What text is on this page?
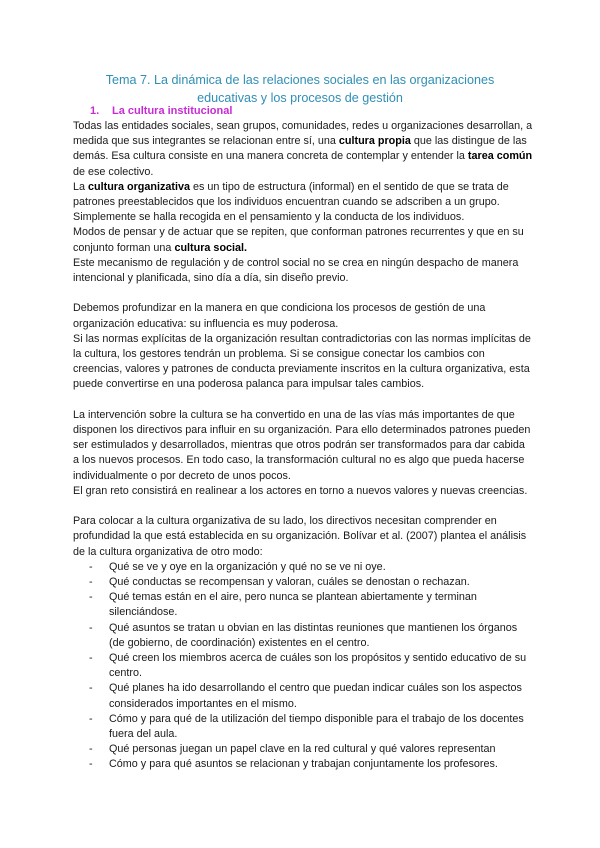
Tema 7. La dinámica de las relaciones sociales en las organizaciones
educativas y los procesos de gestión
1. La cultura institucional

Todas las entidades sociales, sean grupos, comunidades, redes u organizaciones desarrollan, a medida que sus integrantes se relacionan entre sí, una cultura propia que las distingue de las demás. Esa cultura consiste en una manera concreta de contemplar y entender la tarea común de ese colectivo.

La cultura organizativa es un tipo de estructura (informal) en el sentido de que se trata de patrones preestablecidos que los individuos encuentran cuando se adscriben a un grupo. Simplemente se halla recogida en el pensamiento y la conducta de los individuos.

Modos de pensar y de actuar que se repiten, que conforman patrones recurrentes y que en su conjunto forman una cultura social.

Este mecanismo de regulación y de control social no se crea en ningún despacho de manera intencional y planificada, sino día a día, sin diseño previo.

Debemos profundizar en la manera en que condiciona los procesos de gestión de una organización educativa: su influencia es muy poderosa.

Si las normas explícitas de la organización resultan contradictorias con las normas implícitas de la cultura, los gestores tendrán un problema. Si se consigue conectar los cambios con creencias, valores y patrones de conducta previamente inscritos en la cultura organizativa, esta puede convertirse en una poderosa palanca para impulsar tales cambios.

La intervención sobre la cultura se ha convertido en una de las vías más importantes de que disponen los directivos para influir en su organización. Para ello determinados patrones pueden ser estimulados y desarrollados, mientras que otros podrán ser transformados para dar cabida a los nuevos procesos. En todo caso, la transformación cultural no es algo que pueda hacerse individualmente o por decreto de unos pocos.

El gran reto consistirá en realinear a los actores en torno a nuevos valores y nuevas creencias.

Para colocar a la cultura organizativa de su lado, los directivos necesitan comprender en profundidad la que está establecida en su organización. Bolívar et al. (2007) plantea el análisis de la cultura organizativa de otro modo:

- Qué se ve y oye en la organización y qué no se ve ni oye.
- Qué conductas se recompensan y valoran, cuáles se denostan o rechazan.
- Qué temas están en el aire, pero nunca se plantean abiertamente y terminan silenciándose.
- Qué asuntos se tratan u obvian en las distintas reuniones que mantienen los órganos (de gobierno, de coordinación) existentes en el centro.
- Qué creen los miembros acerca de cuáles son los propósitos y sentido educativo de su centro.
- Qué planes ha ido desarrollando el centro que puedan indicar cuáles son los aspectos considerados importantes en el mismo.
- Cómo y para qué de la utilización del tiempo disponible para el trabajo de los docentes fuera del aula.
- Qué personas juegan un papel clave en la red cultural y qué valores representan
- Cómo y para qué asuntos se relacionan y trabajan conjuntamente los profesores.
